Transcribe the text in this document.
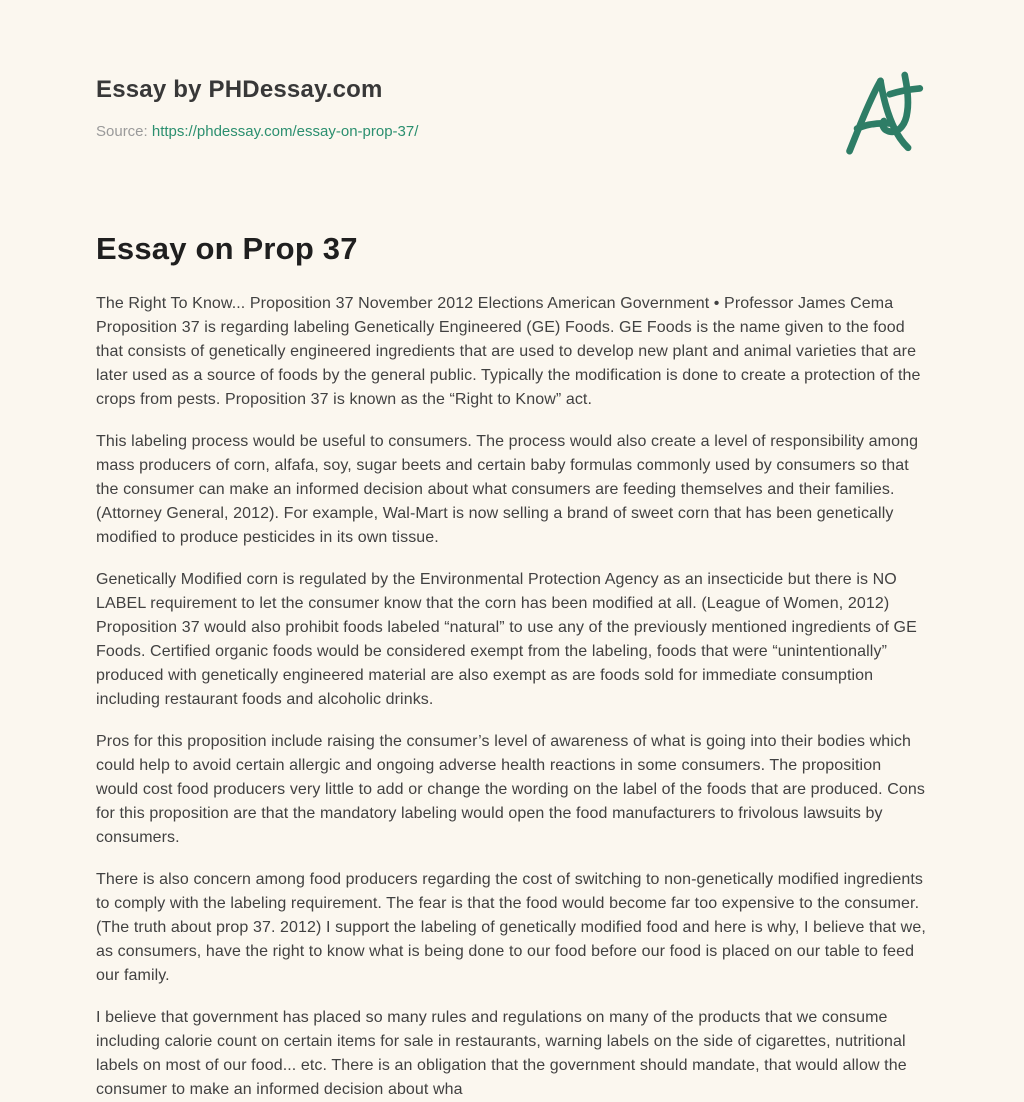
Essay by PHDessay.com
Source: https://phdessay.com/essay-on-prop-37/
Essay on Prop 37

The Right To Know... Proposition 37 November 2012 Elections American Government • Professor James Cema Proposition 37 is regarding labeling Genetically Engineered (GE) Foods. GE Foods is the name given to the food that consists of genetically engineered ingredients that are used to develop new plant and animal varieties that are later used as a source of foods by the general public. Typically the modification is done to create a protection of the crops from pests. Proposition 37 is known as the “Right to Know” act.

This labeling process would be useful to consumers. The process would also create a level of responsibility among mass producers of corn, alfafa, soy, sugar beets and certain baby formulas commonly used by consumers so that the consumer can make an informed decision about what consumers are feeding themselves and their families. (Attorney General, 2012). For example, Wal-Mart is now selling a brand of sweet corn that has been genetically modified to produce pesticides in its own tissue.

Genetically Modified corn is regulated by the Environmental Protection Agency as an insecticide but there is NO LABEL requirement to let the consumer know that the corn has been modified at all. (League of Women, 2012) Proposition 37 would also prohibit foods labeled “natural” to use any of the previously mentioned ingredients of GE Foods. Certified organic foods would be considered exempt from the labeling, foods that were “unintentionally” produced with genetically engineered material are also exempt as are foods sold for immediate consumption including restaurant foods and alcoholic drinks.

Pros for this proposition include raising the consumer’s level of awareness of what is going into their bodies which could help to avoid certain allergic and ongoing adverse health reactions in some consumers. The proposition would cost food producers very little to add or change the wording on the label of the foods that are produced. Cons for this proposition are that the mandatory labeling would open the food manufacturers to frivolous lawsuits by consumers.

There is also concern among food producers regarding the cost of switching to non-genetically modified ingredients to comply with the labeling requirement. The fear is that the food would become far too expensive to the consumer. (The truth about prop 37. 2012) I support the labeling of genetically modified food and here is why, I believe that we, as consumers, have the right to know what is being done to our food before our food is placed on our table to feed our family.

I believe that government has placed so many rules and regulations on many of the products that we consume including calorie count on certain items for sale in restaurants, warning labels on the side of cigarettes, nutritional labels on most of our food... etc. There is an obligation that the government should mandate, that would allow the consumer to make an informed decision about wha
